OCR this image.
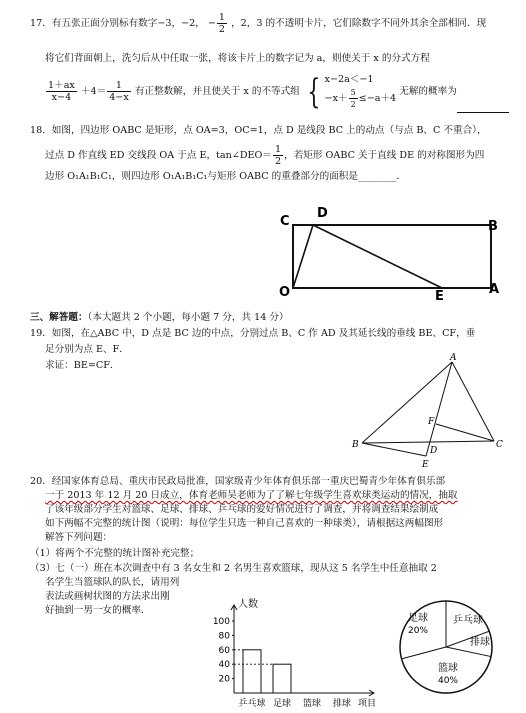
17．有五张正面分别标有数字−3，−2， − $\frac{1}{2}$ ，2，3 的不透明卡片，它们除数字不同外其余全部相同．现
将它们背面朝上，洗匀后从中任取一张，将该卡片上的数字记为 a，则使关于 x 的分式方程
$\frac{1+ax}{x-4} +4= \frac{1}{4-x}$ 有正整数解，并且使关于 x 的不等式组 { x−2a＜−1
$-x+ \frac{5}{2} \le-a+4$
无解的概率为
18．如图，四边形 OABC 是矩形，点 OA=3，OC=1，点 D 是线段 BC 上的动点（与点 B、C 不重合），
过点 D 作直线 ED 交线段 OA 于点 E，tan∠DEO＝ $\frac{1}{2}$ ，若矩形 OABC 关于直线 DE 的对称图形为四
边形 O₁A₁B₁C₁，则四边形 O₁A₁B₁C₁与矩形 OABC 的重叠部分的面积是________．
C
D
B
O	E	A
三、解答题：（本大题共 2 个小题，每小题 7 分，共 14 分）
19．如图，在△ABC 中，D 点是 BC 边的中点，分别过点 B、C 作 AD 及其延长线的垂线 BE、CF，垂
足分别为点 E、F．
求证：BE=CF．
A
B	C
D
E
F
20．经国家体育总局、重庆市民政局批准，国家级青少年体育俱乐部一重庆巴蜀青少年体育俱乐部
一于 2013 年 12 月 20 日成立，体育老师吴老师为了了解七年级学生喜欢球类运动的情况，抽取
了该年级部分学生对篮球、足球、排球、乒乓球的爱好情况进行了调查，并将调查结果绘制成
如下两幅不完整的统计图（说明：每位学生只选一种自己喜欢的一种球类），请根据这两幅图形
解答下列问题：
（1）将两个不完整的统计图补充完整；
（3）七（一）班在本次调查中有 3 名女生和 2 名男生喜欢篮球，现从这 5 名学生中任意抽取 2
名学生当篮球队的队长，请用列
表法或画树状图的方法求出刚
好抽到一男一女的概率．
人数
20
40
60
80
100
乒乓球 足球 篮球 排球 项目
足球
20%
乒乓球
排球
篮球
40%
